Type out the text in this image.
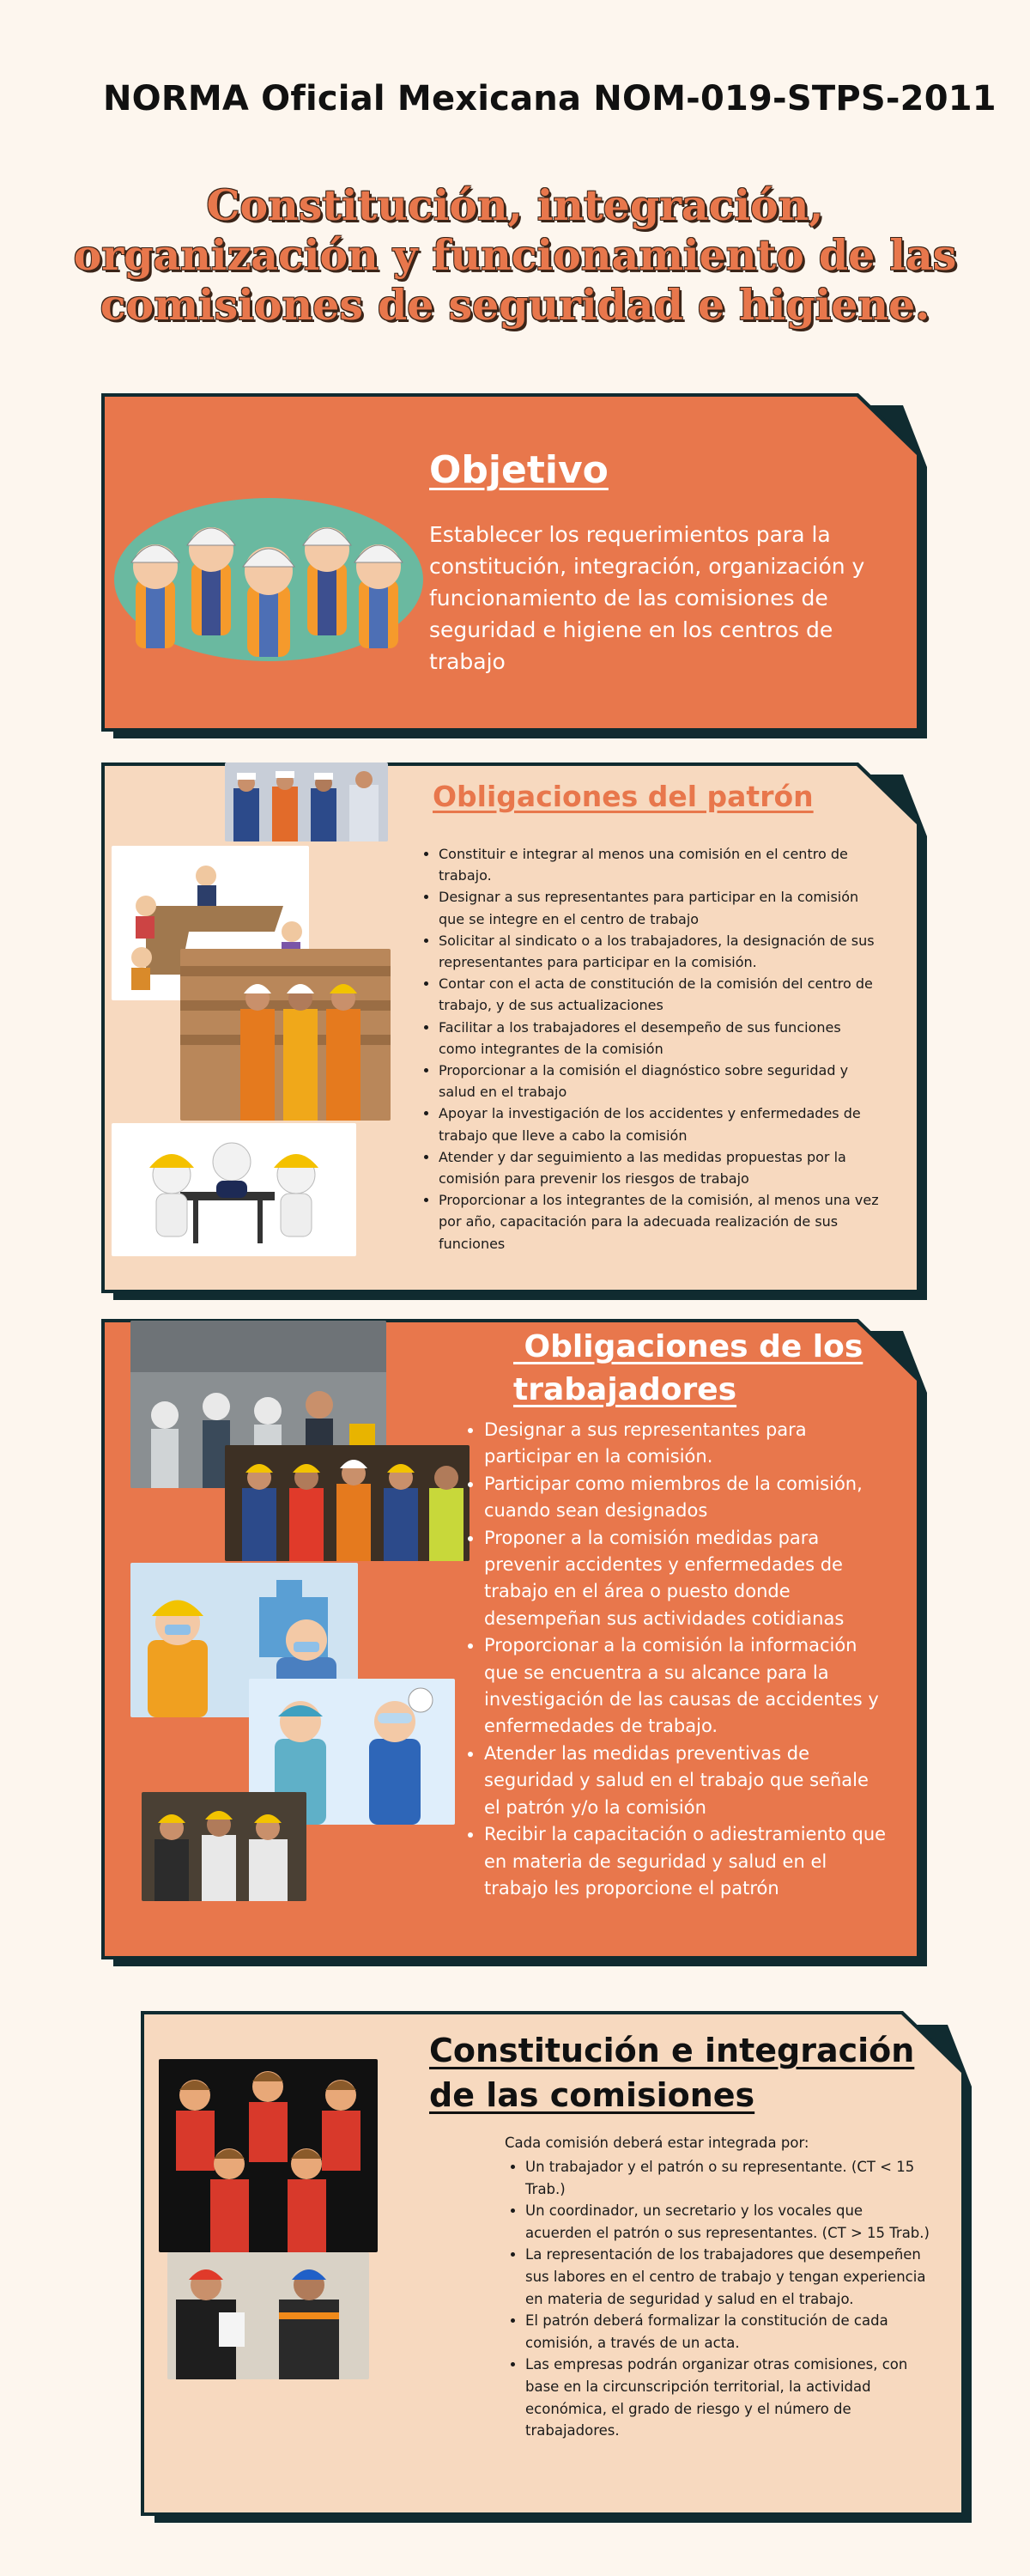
NORMA Oficial Mexicana NOM-019-STPS-2011
Constitución, integración,
organización y funcionamiento de las
comisiones de seguridad e higiene.
Objetivo
Establecer los requerimientos para la constitución, integración, organización y funcionamiento de las comisiones de seguridad e higiene en los centros de trabajo
Obligaciones del patrón
• Constituir e integrar al menos una comisión en el centro de trabajo.
• Designar a sus representantes para participar en la comisión que se integre en el centro de trabajo
• Solicitar al sindicato o a los trabajadores, la designación de sus representantes para participar en la comisión.
• Contar con el acta de constitución de la comisión del centro de trabajo, y de sus actualizaciones
• Facilitar a los trabajadores el desempeño de sus funciones como integrantes de la comisión
• Proporcionar a la comisión el diagnóstico sobre seguridad y salud en el trabajo
• Apoyar la investigación de los accidentes y enfermedades de trabajo que lleve a cabo la comisión
• Atender y dar seguimiento a las medidas propuestas por la comisión para prevenir los riesgos de trabajo
• Proporcionar a los integrantes de la comisión, al menos una vez por año, capacitación para la adecuada realización de sus funciones
Obligaciones de los
trabajadores
• Designar a sus representantes para participar en la comisión.
• Participar como miembros de la comisión, cuando sean designados
• Proponer a la comisión medidas para prevenir accidentes y enfermedades de trabajo en el área o puesto donde desempeñan sus actividades cotidianas
• Proporcionar a la comisión la información que se encuentra a su alcance para la investigación de las causas de accidentes y enfermedades de trabajo.
• Atender las medidas preventivas de seguridad y salud en el trabajo que señale el patrón y/o la comisión
• Recibir la capacitación o adiestramiento que en materia de seguridad y salud en el trabajo les proporcione el patrón
Constitución e integración
de las comisiones
Cada comisión deberá estar integrada por:
• Un trabajador y el patrón o su representante. (CT < 15 Trab.)
• Un coordinador, un secretario y los vocales que acuerden el patrón o sus representantes. (CT > 15 Trab.)
• La representación de los trabajadores que desempeñen sus labores en el centro de trabajo y tengan experiencia en materia de seguridad y salud en el trabajo.
• El patrón deberá formalizar la constitución de cada comisión, a través de un acta.
• Las empresas podrán organizar otras comisiones, con base en la circunscripción territorial, la actividad económica, el grado de riesgo y el número de trabajadores.
